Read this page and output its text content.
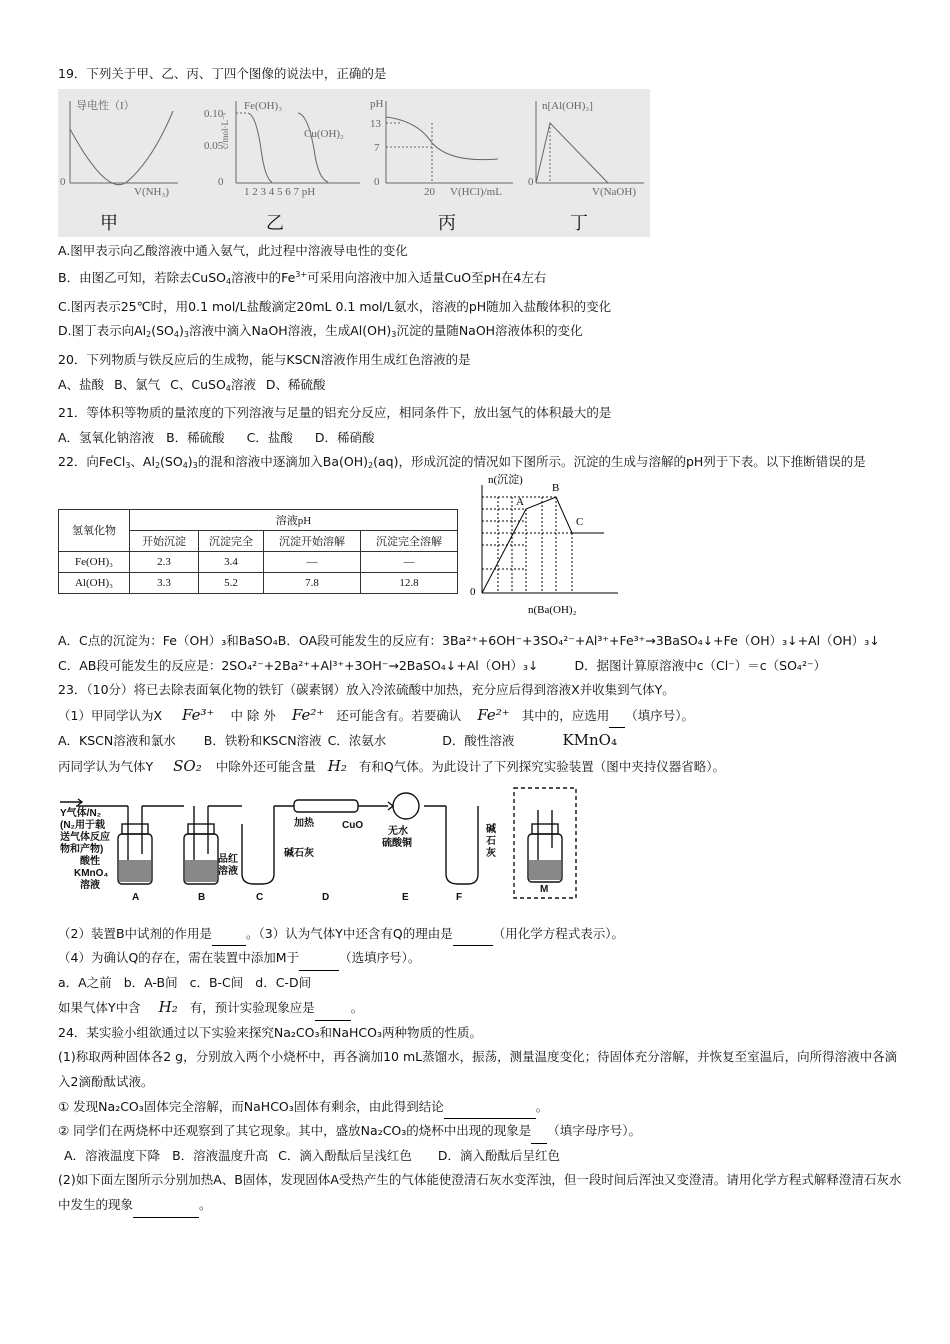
19．下列关于甲、乙、丙、丁四个图像的说法中，正确的是
导电性（I）
0
V(NH₃)
c/mol·L⁻¹
0.10
0.05
0
Fe(OH)₃
Cu(OH)₂
1 2 3 4 5 6 7 pH
pH
13
7
0
20 V(HCl)/mL
n[Al(OH)₃]
0
V(NaOH)
甲	乙	丙	丁
A.图甲表示向乙酸溶液中通入氨气，此过程中溶液导电性的变化
B．由图乙可知，若除去CuSO$_4$溶液中的$Fe^{3+}$可采用向溶液中加入适量CuO至pH在4左右
C.图丙表示25℃时，用0.1 mol/L盐酸滴定20mL 0.1 mol/L氨水，溶液的pH随加入盐酸体积的变化
D.图丁表示向$Al_2(SO_4)_3$溶液中滴入NaOH溶液，生成$Al(OH)_3$沉淀的量随NaOH溶液体积的变化
20．下列物质与铁反应后的生成物，能与KSCN溶液作用生成红色溶液的是
A、盐酸 B、氯气 C、CuSO$_4$溶液 D、稀硫酸
21．等体积等物质的量浓度的下列溶液与足量的铝充分反应，相同条件下，放出氢气的体积最大的是
A．氢氧化钠溶液 B．稀硫酸 C．盐酸 D．稀硝酸
22．向FeCl$_3$、$Al_2(SO_4)_3$的混和溶液中逐滴加入$Ba(OH)_2(aq)$，形成沉淀的情况如下图所示。沉淀的生成与溶解的pH列于下表。以下推断错误的是
氢氧化物	溶液pH			
	开始沉淀	沉淀完全	沉淀开始溶解	沉淀完全溶解
Fe(OH)₃	2.3	3.4	—	—
Al(OH)₃	3.3	5.2	7.8	12.8
n(沉淀)
0
n(Ba(OH)₂
A
B
C
A．C点的沉淀为：Fe（OH）₃和BaSO₄B．OA段可能发生的反应有：3Ba²⁺+6OH⁻+3SO₄²⁻+Al³⁺+Fe³⁺→3BaSO₄↓+Fe（OH）₃↓+Al（OH）₃↓
C．AB段可能发生的反应是：2SO₄²⁻+2Ba²⁺+Al³⁺+3OH⁻→2BaSO₄↓+Al（OH）₃↓	D．据图计算原溶液中c（Cl⁻）＝c（SO₄²⁻）
23．（10分）将已去除表面氧化物的铁钉（碳素钢）放入冷浓硫酸中加热，充分应后得到溶液X并收集到气体Y。
（1）甲同学认为X Fe³⁺ 中 除 外 Fe²⁺ 还可能含有。若要确认 Fe²⁺ 其中的，应选用 （填序号）。
A．KSCN溶液和氯水 B．铁粉和KSCN溶液 C．浓氨水	D．酸性溶液	KMnO₄
丙同学认为气体Y SO₂ 中除外还可能含量 H₂ 有和Q气体。为此设计了下列探究实验装置（图中夹持仪器省略）。
Y气体/N₂
(N₂用于载
送气体反应
物和产物)
酸性
KMnO₄
溶液
品红
溶液
加热	CuO
碱石灰
无水
硫酸铜
碱
石
灰
A	B	C	D	E	F
M
（2）装置B中试剂的作用是	。（3）认为气体Y中还含有Q的理由是	（用化学方程式表示）。
（4）为确认Q的存在，需在装置中添加M于	（选填序号）。
a．A之前 b．A-B间 c．B-C间 d．C-D间
如果气体Y中含 H₂ 有，预计实验现象应是	。
24．某实验小组欲通过以下实验来探究Na₂CO₃和NaHCO₃两种物质的性质。
(1)称取两种固体各2 g，分别放入两个小烧杯中，再各滴加10 mL蒸馏水，振荡，测量温度变化；待固体充分溶解，并恢复至室温后，向所得溶液中各滴入2滴酚酞试液。
① 发现Na₂CO₃固体完全溶解，而NaHCO₃固体有剩余，由此得到结论	。
② 同学们在两烧杯中还观察到了其它现象。其中，盛放Na₂CO₃的烧杯中出现的现象是 （填字母序号）。
A．溶液温度下降 B．溶液温度升高 C．滴入酚酞后呈浅红色 D．滴入酚酞后呈红色
(2)如下面左图所示分别加热A、B固体，发现固体A受热产生的气体能使澄清石灰水变浑浊，但一段时间后浑浊又变澄清。请用化学方程式解释澄清石灰水中发生的现象	。
